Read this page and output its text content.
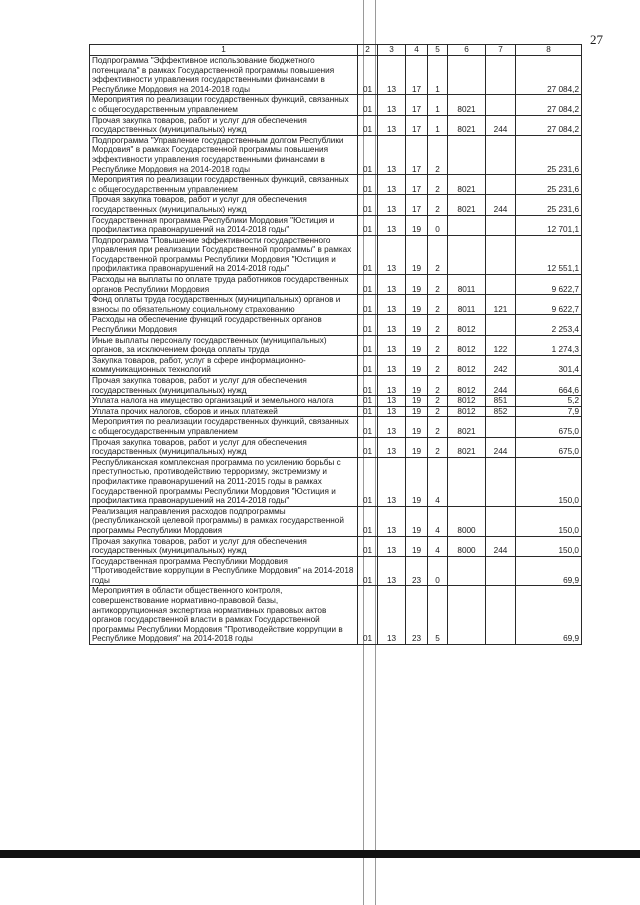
27
1	2	3	4	5	6	7	8
Подпрограмма "Эффективное использование бюджетного потенциала" в рамках Государственной программы повышения эффективности управления государственными финансами в Республике Мордовия на 2014-2018 годы	01	13	17	1			27 084,2
Мероприятия по реализации государственных функций, связанных с общегосударственным управлением	01	13	17	1	8021		27 084,2
Прочая закупка товаров, работ и услуг для обеспечения государственных (муниципальных) нужд	01	13	17	1	8021	244	27 084,2
Подпрограмма "Управление государственным долгом Республики Мордовия" в рамках Государственной программы повышения эффективности управления государственными финансами в Республике Мордовия на 2014-2018 годы	01	13	17	2			25 231,6
Мероприятия по реализации государственных функций, связанных с общегосударственным управлением	01	13	17	2	8021		25 231,6
Прочая закупка товаров, работ и услуг для обеспечения государственных (муниципальных) нужд	01	13	17	2	8021	244	25 231,6
Государственная программа Республики Мордовия "Юстиция и профилактика правонарушений на 2014-2018 годы"	01	13	19	0			12 701,1
Подпрограмма "Повышение эффективности государственного управления при реализации Государственной программы" в рамках Государственной программы Республики Мордовия "Юстиция и профилактика правонарушений на 2014-2018 годы"	01	13	19	2			12 551,1
Расходы на выплаты по оплате труда работников государственных органов Республики Мордовия	01	13	19	2	8011		9 622,7
Фонд оплаты труда государственных (муниципальных) органов и взносы по обязательному социальному страхованию	01	13	19	2	8011	121	9 622,7
Расходы на обеспечение функций государственных органов Республики Мордовия	01	13	19	2	8012		2 253,4
Иные выплаты персоналу государственных (муниципальных) органов, за исключением фонда оплаты труда	01	13	19	2	8012	122	1 274,3
Закупка товаров, работ, услуг в сфере информационно-коммуникационных технологий	01	13	19	2	8012	242	301,4
Прочая закупка товаров, работ и услуг для обеспечения государственных (муниципальных) нужд	01	13	19	2	8012	244	664,6
Уплата налога на имущество организаций и земельного налога	01	13	19	2	8012	851	5,2
Уплата прочих налогов, сборов и иных платежей	01	13	19	2	8012	852	7,9
Мероприятия по реализации государственных функций, связанных с общегосударственным управлением	01	13	19	2	8021		675,0
Прочая закупка товаров, работ и услуг для обеспечения государственных (муниципальных) нужд	01	13	19	2	8021	244	675,0
Республиканская комплексная программа по усилению борьбы с преступностью, противодействию терроризму, экстремизму и профилактике правонарушений на 2011-2015 годы в рамках Государственной программы Республики Мордовия "Юстиция и профилактика правонарушений на 2014-2018 годы"	01	13	19	4			150,0
Реализация направления расходов подпрограммы (республиканской целевой программы) в рамках государственной программы Республики Мордовия	01	13	19	4	8000		150,0
Прочая закупка товаров, работ и услуг для обеспечения государственных (муниципальных) нужд	01	13	19	4	8000	244	150,0
Государственная программа Республики Мордовия "Противодействие коррупции в Республике Мордовия" на 2014-2018 годы	01	13	23	0			69,9
Мероприятия в области общественного контроля, совершенствование нормативно-правовой базы, антикоррупционная экспертиза нормативных правовых актов органов государственной власти в рамках Государственной программы Республики Мордовия "Противодействие коррупции в Республике Мордовия" на 2014-2018 годы	01	13	23	5			69,9
